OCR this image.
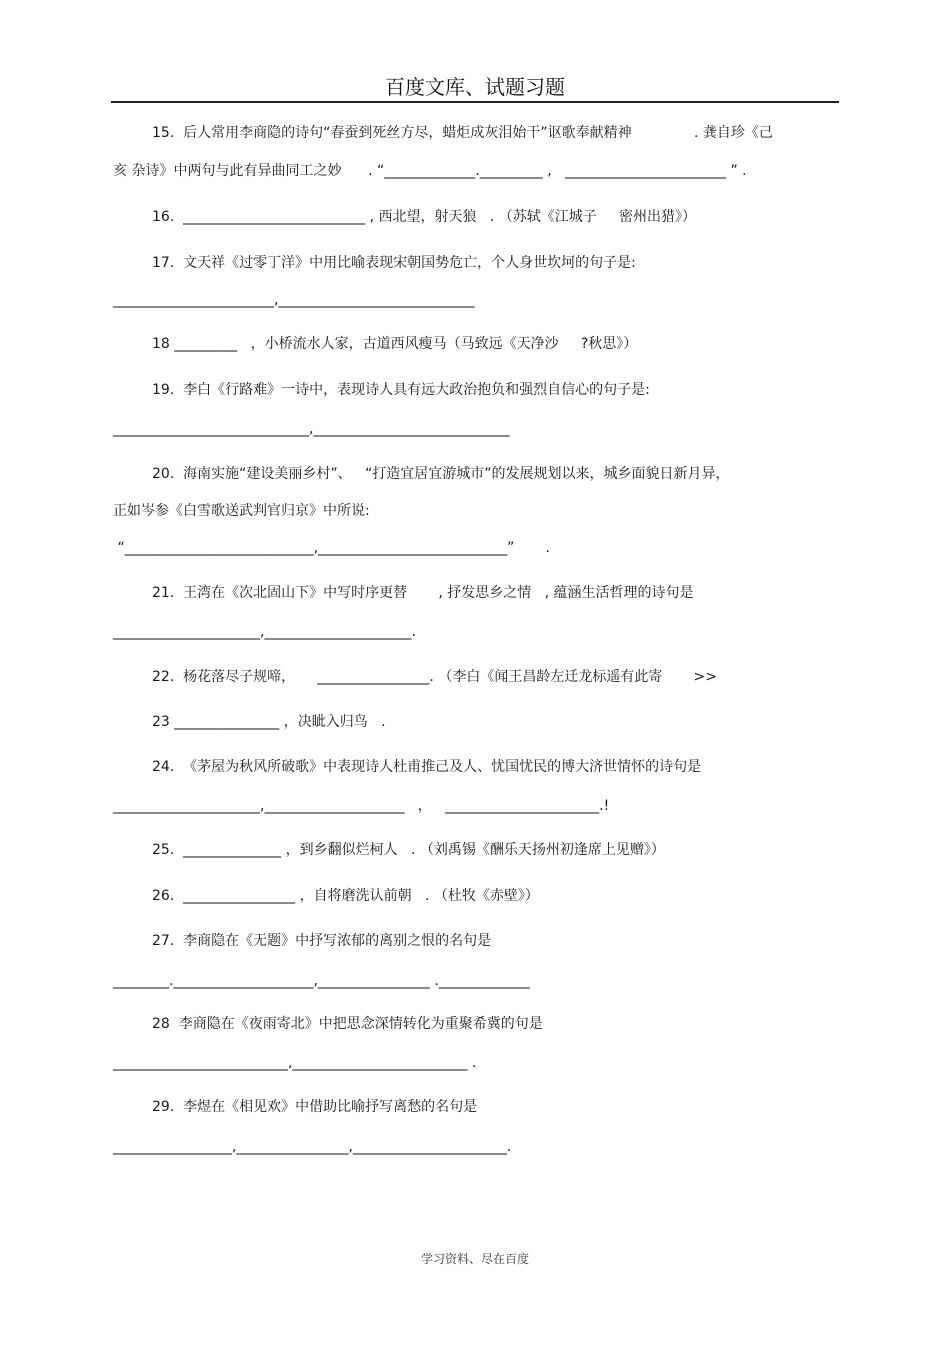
百度文库、试题习题
15.  后人常用李商隐的诗句“春蚕到死丝方尽，蜡炬成灰泪始干”讴歌奉献精神              . 龚自珍《己
亥 杂诗》中两句与此有异曲同工之妙      . “_____________._________ ,   _______________________ ” .
16.  __________________________ , 西北望，射天狼   . （苏轼《江城子     密州出猎》）
17.  文天祥《过零丁洋》中用比喻表现宋朝国势危亡，个人身世坎坷的句子是:
_______________________,____________________________
18 _________   ，小桥流水人家，古道西风瘦马（马致远《天净沙     ?秋思》）
19.  李白《行路难》一诗中，表现诗人具有远大政治抱负和强烈自信心的句子是:
____________________________,____________________________
20.  海南实施“建设美丽乡村”、   “打造宜居宜游城市”的发展规划以来，城乡面貌日新月异，
正如岑参《白雪歌送武判官归京》中所说:
“___________________________,___________________________”       .
21.  王湾在《次北固山下》中写时序更替       , 抒发思乡之情   , 蕴涵生活哲理的诗句是
_____________________,_____________________.
22.  杨花落尽子规啼，     ________________. （李白《闻王昌龄左迁龙标遥有此寄       >>
23 _______________ ，决眦入归鸟   .
24.  《茅屋为秋风所破歌》中表现诗人杜甫推己及人、忧国忧民的博大济世情怀的诗句是
_____________________,____________________   ，   ______________________.!
25.  ______________ ，到乡翻似烂柯人   . （刘禹锡《酬乐天扬州初逢席上见赠》）
26.  ________________ ，自将磨洗认前朝   . （杜牧《赤壁》）
27.  李商隐在《无题》中抒写浓郁的离别之恨的名句是
________.____________________,________________ ._____________
28  李商隐在《夜雨寄北》中把思念深情转化为重聚希冀的句是
_________________________,_________________________ .
29.  李煜在《相见欢》中借助比喻抒写离愁的名句是
_________________,________________,______________________.
学习资料、尽在百度
